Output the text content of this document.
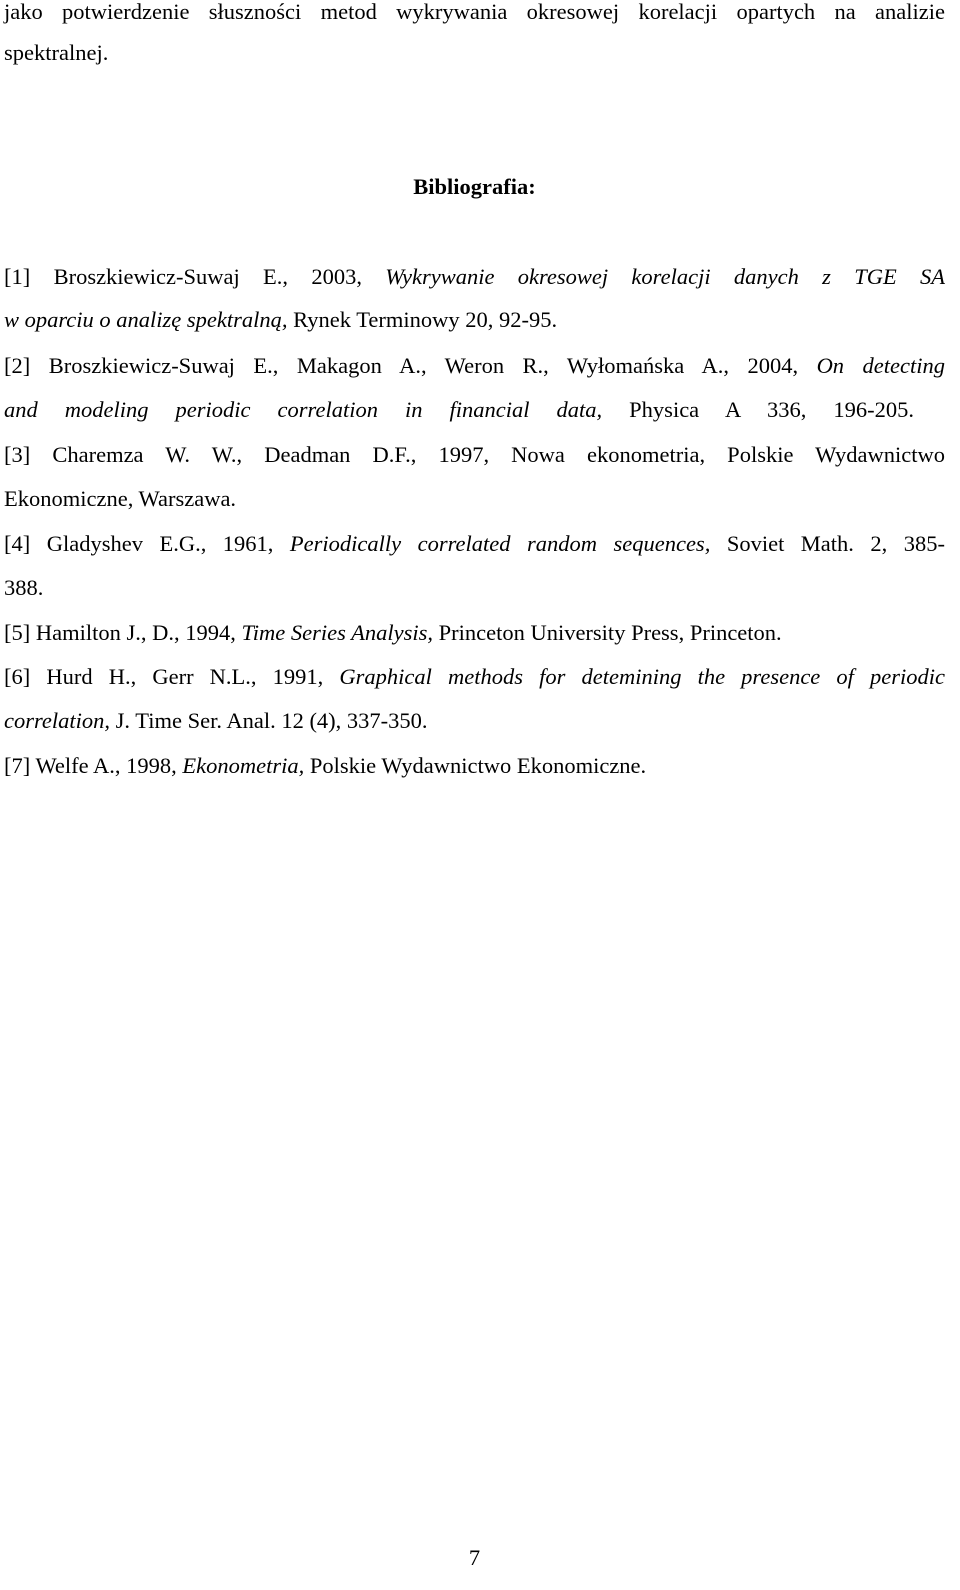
jako potwierdzenie słuszności metod wykrywania okresowej korelacji opartych na analizie
spektralnej.
Bibliografia:
[1] Broszkiewicz-Suwaj E., 2003, Wykrywanie okresowej korelacji danych z TGE SA
w oparciu o analizę spektralną, Rynek Terminowy 20, 92-95.
[2] Broszkiewicz-Suwaj E., Makagon A., Weron R., Wyłomańska A., 2004, On detecting
and modeling periodic correlation in financial data, Physica A 336, 196-205.
[3] Charemza W. W., Deadman D.F., 1997, Nowa ekonometria, Polskie Wydawnictwo
Ekonomiczne, Warszawa.
[4] Gladyshev E.G., 1961, Periodically correlated random sequences, Soviet Math. 2, 385-
388.
[5] Hamilton J., D., 1994, Time Series Analysis, Princeton University Press, Princeton.
[6] Hurd H., Gerr N.L., 1991, Graphical methods for detemining the presence of periodic
correlation, J. Time Ser. Anal. 12 (4), 337-350.
[7] Welfe A., 1998, Ekonometria, Polskie Wydawnictwo Ekonomiczne.
7
